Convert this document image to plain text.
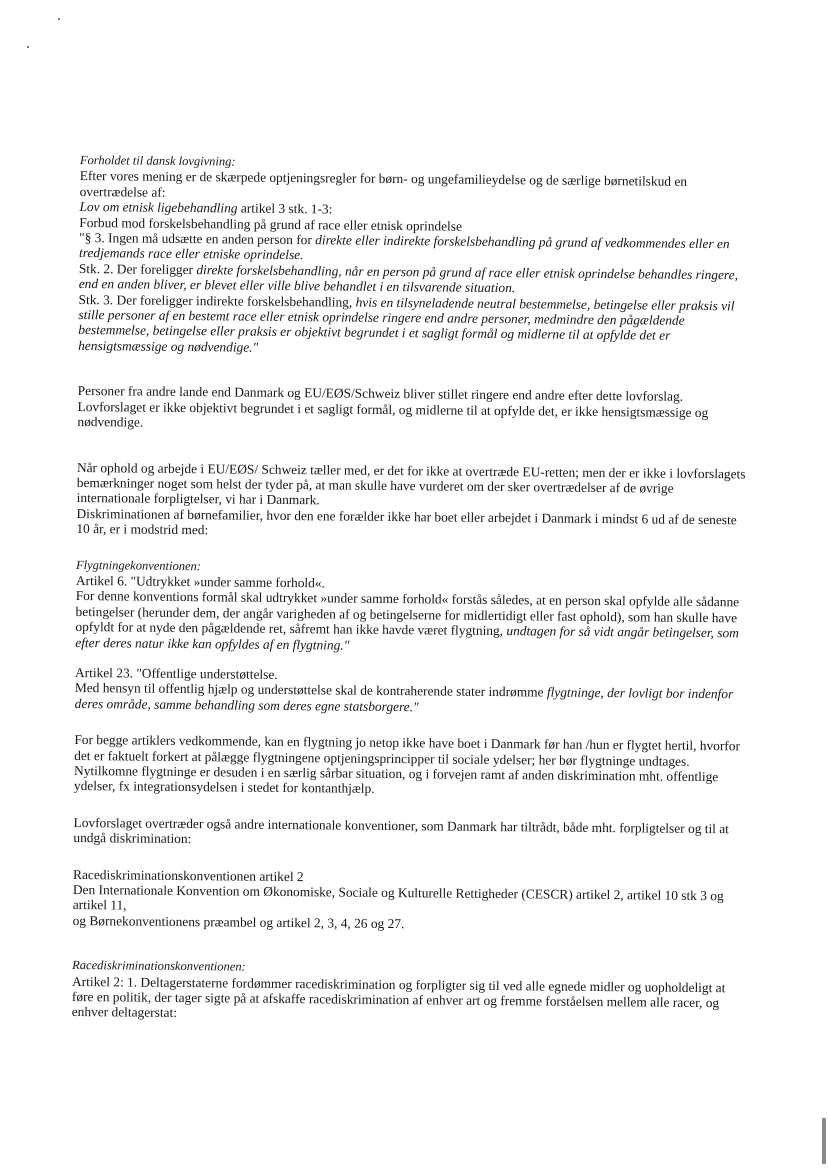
Forholdet til dansk lovgivning:

Efter vores mening er de skærpede optjeningsregler for børn- og ungefamilieydelse og de særlige børnetilskud en overtrædelse af:

Lov om etnisk ligebehandling artikel 3 stk. 1-3:

Forbud mod forskelsbehandling på grund af race eller etnisk oprindelse

"§ 3. Ingen må udsætte en anden person for direkte eller indirekte forskelsbehandling på grund af vedkommendes eller en tredjemands race eller etniske oprindelse.

Stk. 2. Der foreligger direkte forskelsbehandling, når en person på grund af race eller etnisk oprindelse behandles ringere, end en anden bliver, er blevet eller ville blive behandlet i en tilsvarende situation.

Stk. 3. Der foreligger indirekte forskelsbehandling, hvis en tilsyneladende neutral bestemmelse, betingelse eller praksis vil stille personer af en bestemt race eller etnisk oprindelse ringere end andre personer, medmindre den pågældende bestemmelse, betingelse eller praksis er objektivt begrundet i et sagligt formål og midlerne til at opfylde det er hensigtsmæssige og nødvendige."

Personer fra andre lande end Danmark og EU/EØS/Schweiz bliver stillet ringere end andre efter dette lovforslag. Lovforslaget er ikke objektivt begrundet i et sagligt formål, og midlerne til at opfylde det, er ikke hensigtsmæssige og nødvendige.

Når ophold og arbejde i EU/EØS/ Schweiz tæller med, er det for ikke at overtræde EU-retten; men der er ikke i lovforslagets bemærkninger noget som helst der tyder på, at man skulle have vurderet om der sker overtrædelser af de øvrige internationale forpligtelser, vi har i Danmark.

Diskriminationen af børnefamilier, hvor den ene forælder ikke har boet eller arbejdet i Danmark i mindst 6 ud af de seneste 10 år, er i modstrid med:

Flygtningekonventionen:

Artikel 6. "Udtrykket »under samme forhold«.

For denne konventions formål skal udtrykket »under samme forhold« forstås således, at en person skal opfylde alle sådanne betingelser (herunder dem, der angår varigheden af og betingelserne for midlertidigt eller fast ophold), som han skulle have opfyldt for at nyde den pågældende ret, såfremt han ikke havde været flygtning, undtagen for så vidt angår betingelser, som efter deres natur ikke kan opfyldes af en flygtning."

Artikel 23. "Offentlige understøttelse.

Med hensyn til offentlig hjælp og understøttelse skal de kontraherende stater indrømme flygtninge, der lovligt bor indenfor deres område, samme behandling som deres egne statsborgere."

For begge artiklers vedkommende, kan en flygtning jo netop ikke have boet i Danmark før han /hun er flygtet hertil, hvorfor det er faktuelt forkert at pålægge flygtningene optjeningsprincipper til sociale ydelser; her bør flygtninge undtages. Nytilkomne flygtninge er desuden i en særlig sårbar situation, og i forvejen ramt af anden diskrimination mht. offentlige ydelser, fx integrationsydelsen i stedet for kontanthjælp.

Lovforslaget overtræder også andre internationale konventioner, som Danmark har tiltrådt, både mht. forpligtelser og til at undgå diskrimination:

Racediskriminationskonventionen artikel 2

Den Internationale Konvention om Økonomiske, Sociale og Kulturelle Rettigheder (CESCR) artikel 2, artikel 10 stk 3 og artikel 11,

og Børnekonventionens præambel og artikel 2, 3, 4, 26 og 27.

Racediskriminationskonventionen:

Artikel 2: 1. Deltagerstaterne fordømmer racediskrimination og forpligter sig til ved alle egnede midler og uopholdeligt at føre en politik, der tager sigte på at afskaffe racediskrimination af enhver art og fremme forståelsen mellem alle racer, og enhver deltagerstat:
